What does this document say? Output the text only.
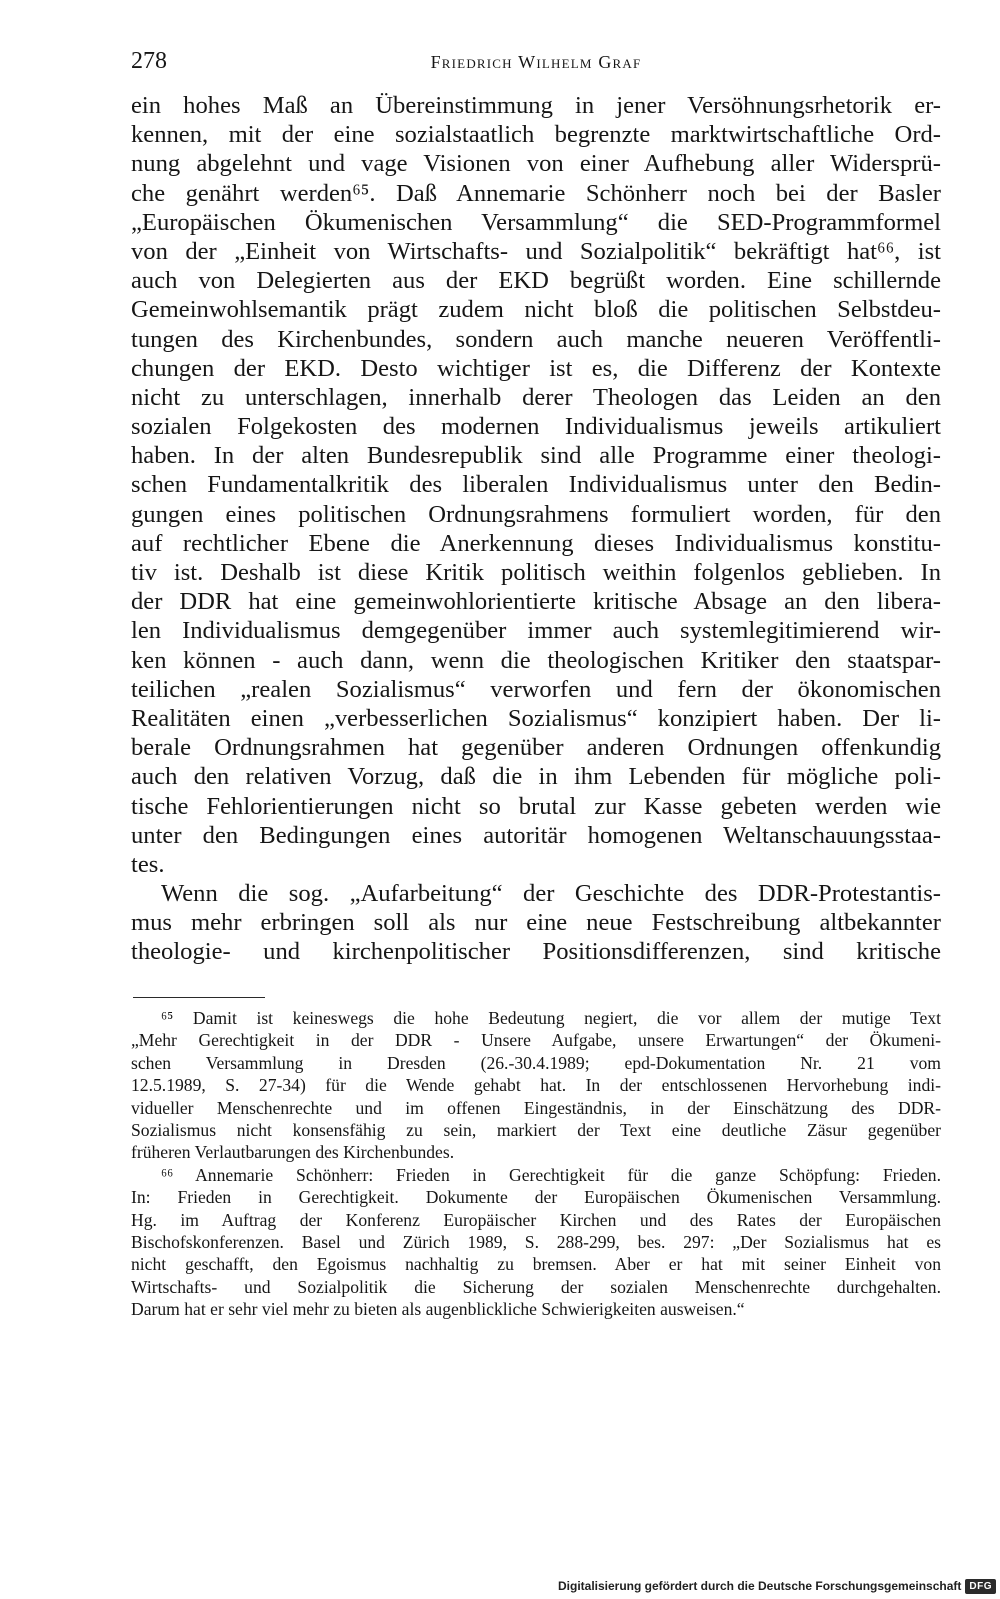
278	Friedrich Wilhelm Graf
ein hohes Maß an Übereinstimmung in jener Versöhnungsrhetorik er-
kennen, mit der eine sozialstaatlich begrenzte marktwirtschaftliche Ord-
nung abgelehnt und vage Visionen von einer Aufhebung aller Widersprü-
che genährt werden⁶⁵. Daß Annemarie Schönherr noch bei der Basler
„Europäischen Ökumenischen Versammlung“ die SED-Programmformel
von der „Einheit von Wirtschafts- und Sozialpolitik“ bekräftigt hat⁶⁶, ist
auch von Delegierten aus der EKD begrüßt worden. Eine schillernde
Gemeinwohlsemantik prägt zudem nicht bloß die politischen Selbstdeu-
tungen des Kirchenbundes, sondern auch manche neueren Veröffentli-
chungen der EKD. Desto wichtiger ist es, die Differenz der Kontexte
nicht zu unterschlagen, innerhalb derer Theologen das Leiden an den
sozialen Folgekosten des modernen Individualismus jeweils artikuliert
haben. In der alten Bundesrepublik sind alle Programme einer theologi-
schen Fundamentalkritik des liberalen Individualismus unter den Bedin-
gungen eines politischen Ordnungsrahmens formuliert worden, für den
auf rechtlicher Ebene die Anerkennung dieses Individualismus konstitu-
tiv ist. Deshalb ist diese Kritik politisch weithin folgenlos geblieben. In
der DDR hat eine gemeinwohlorientierte kritische Absage an den libera-
len Individualismus demgegenüber immer auch systemlegitimierend wir-
ken können - auch dann, wenn die theologischen Kritiker den staatspar-
teilichen „realen Sozialismus“ verworfen und fern der ökonomischen
Realitäten einen „verbesserlichen Sozialismus“ konzipiert haben. Der li-
berale Ordnungsrahmen hat gegenüber anderen Ordnungen offenkundig
auch den relativen Vorzug, daß die in ihm Lebenden für mögliche poli-
tische Fehlorientierungen nicht so brutal zur Kasse gebeten werden wie
unter den Bedingungen eines autoritär homogenen Weltanschauungsstaa-
tes.
Wenn die sog. „Aufarbeitung“ der Geschichte des DDR-Protestantis-
mus mehr erbringen soll als nur eine neue Festschreibung altbekannter
theologie- und kirchenpolitischer Positionsdifferenzen, sind kritische
⁶⁵ Damit ist keineswegs die hohe Bedeutung negiert, die vor allem der mutige Text
„Mehr Gerechtigkeit in der DDR - Unsere Aufgabe, unsere Erwartungen“ der Ökumeni-
schen Versammlung in Dresden (26.-30.4.1989; epd-Dokumentation Nr. 21 vom
12.5.1989, S. 27-34) für die Wende gehabt hat. In der entschlossenen Hervorhebung indi-
vidueller Menschenrechte und im offenen Eingeständnis, in der Einschätzung des DDR-
Sozialismus nicht konsensfähig zu sein, markiert der Text eine deutliche Zäsur gegenüber
früheren Verlautbarungen des Kirchenbundes.
⁶⁶ Annemarie Schönherr: Frieden in Gerechtigkeit für die ganze Schöpfung: Frieden.
In: Frieden in Gerechtigkeit. Dokumente der Europäischen Ökumenischen Versammlung.
Hg. im Auftrag der Konferenz Europäischer Kirchen und des Rates der Europäischen
Bischofskonferenzen. Basel und Zürich 1989, S. 288-299, bes. 297: „Der Sozialismus hat es
nicht geschafft, den Egoismus nachhaltig zu bremsen. Aber er hat mit seiner Einheit von
Wirtschafts- und Sozialpolitik die Sicherung der sozialen Menschenrechte durchgehalten.
Darum hat er sehr viel mehr zu bieten als augenblickliche Schwierigkeiten ausweisen.“
Digitalisierung gefördert durch die Deutsche Forschungsgemeinschaft DFG
